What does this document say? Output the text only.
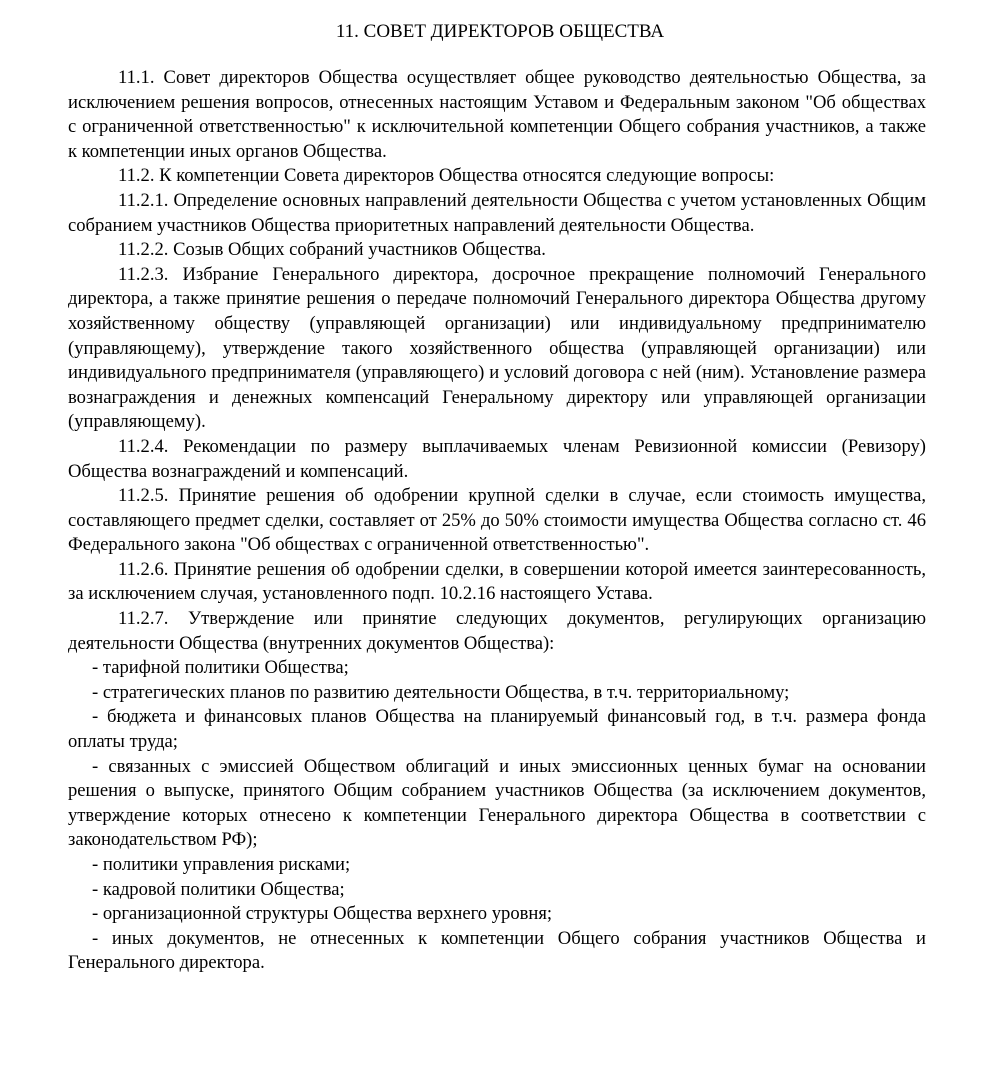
11. СОВЕТ ДИРЕКТОРОВ ОБЩЕСТВА

11.1. Совет директоров Общества осуществляет общее руководство деятельностью Общества, за исключением решения вопросов, отнесенных настоящим Уставом и Федеральным законом "Об обществах с ограниченной ответственностью" к исключительной компетенции Общего собрания участников, а также к компетенции иных органов Общества.

11.2. К компетенции Совета директоров Общества относятся следующие вопросы:

11.2.1. Определение основных направлений деятельности Общества с учетом установленных Общим собранием участников Общества приоритетных направлений деятельности Общества.

11.2.2. Созыв Общих собраний участников Общества.

11.2.3. Избрание Генерального директора, досрочное прекращение полномочий Генерального директора, а также принятие решения о передаче полномочий Генерального директора Общества другому хозяйственному обществу (управляющей организации) или индивидуальному предпринимателю (управляющему), утверждение такого хозяйственного общества (управляющей организации) или индивидуального предпринимателя (управляющего) и условий договора с ней (ним). Установление размера вознаграждения и денежных компенсаций Генеральному директору или управляющей организации (управляющему).

11.2.4. Рекомендации по размеру выплачиваемых членам Ревизионной комиссии (Ревизору) Общества вознаграждений и компенсаций.

11.2.5. Принятие решения об одобрении крупной сделки в случае, если стоимость имущества, составляющего предмет сделки, составляет от 25% до 50% стоимости имущества Общества согласно ст. 46 Федерального закона "Об обществах с ограниченной ответственностью".

11.2.6. Принятие решения об одобрении сделки, в совершении которой имеется заинтересованность, за исключением случая, установленного подп. 10.2.16 настоящего Устава.

11.2.7. Утверждение или принятие следующих документов, регулирующих организацию деятельности Общества (внутренних документов Общества):

- тарифной политики Общества;

- стратегических планов по развитию деятельности Общества, в т.ч. территориальному;

- бюджета и финансовых планов Общества на планируемый финансовый год, в т.ч. размера фонда оплаты труда;

- связанных с эмиссией Обществом облигаций и иных эмиссионных ценных бумаг на основании решения о выпуске, принятого Общим собранием участников Общества (за исключением документов, утверждение которых отнесено к компетенции Генерального директора Общества в соответствии с законодательством РФ);

- политики управления рисками;

- кадровой политики Общества;

- организационной структуры Общества верхнего уровня;

- иных документов, не отнесенных к компетенции Общего собрания участников Общества и Генерального директора.
